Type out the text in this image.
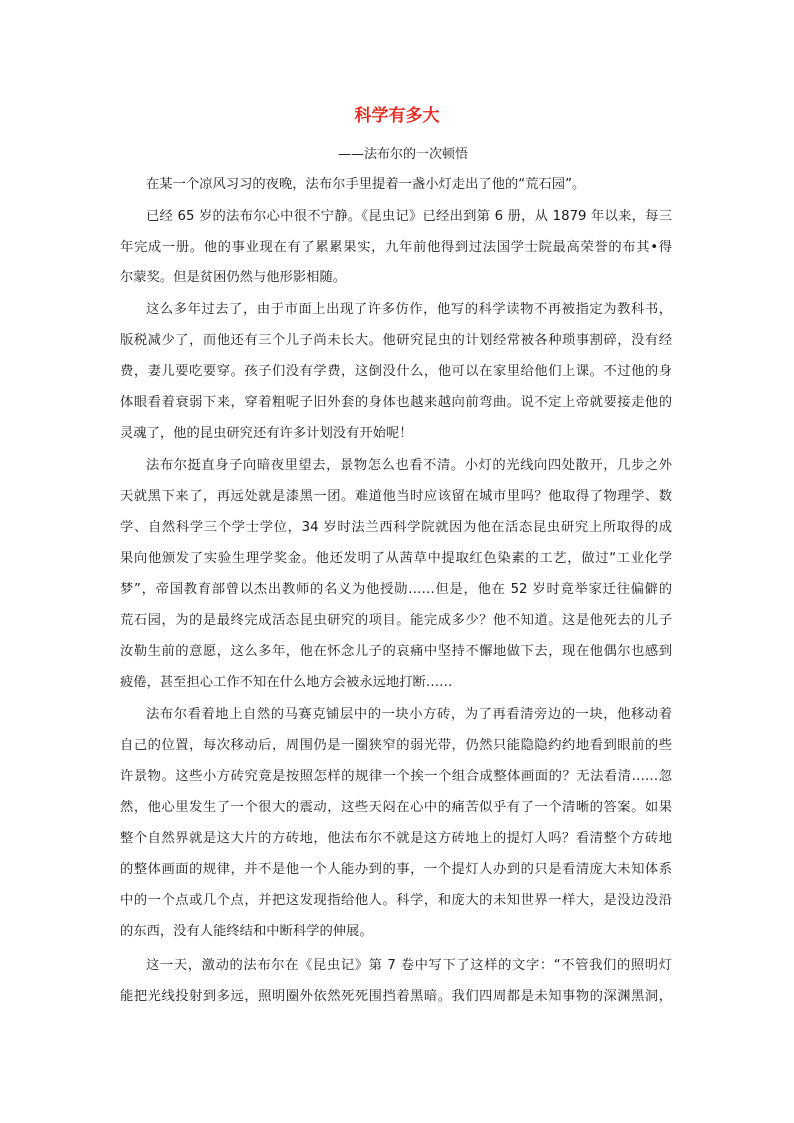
科学有多大
——法布尔的一次顿悟
在某一个凉风习习的夜晚，法布尔手里提着一盏小灯走出了他的“荒石园”。
已经 65 岁的法布尔心中很不宁静。《昆虫记》已经出到第 6 册，从 1879 年以来，每三
年完成一册。他的事业现在有了累累果实，九年前他得到过法国学士院最高荣誉的布其•得
尔蒙奖。但是贫困仍然与他形影相随。
这么多年过去了，由于市面上出现了许多仿作，他写的科学读物不再被指定为教科书，
版税减少了，而他还有三个儿子尚未长大。他研究昆虫的计划经常被各种琐事割碎，没有经
费，妻儿要吃要穿。孩子们没有学费，这倒没什么，他可以在家里给他们上课。不过他的身
体眼看着衰弱下来，穿着粗呢子旧外套的身体也越来越向前弯曲。说不定上帝就要接走他的
灵魂了，他的昆虫研究还有许多计划没有开始呢！
法布尔挺直身子向暗夜里望去，景物怎么也看不清。小灯的光线向四处散开，几步之外
天就黑下来了，再远处就是漆黑一团。难道他当时应该留在城市里吗？他取得了物理学、数
学、自然科学三个学士学位，34 岁时法兰西科学院就因为他在活态昆虫研究上所取得的成
果向他颁发了实验生理学奖金。他还发明了从茜草中提取红色染素的工艺，做过“工业化学
梦”，帝国教育部曾以杰出教师的名义为他授勋……但是，他在 52 岁时竟举家迁往偏僻的
荒石园，为的是最终完成活态昆虫研究的项目。能完成多少？他不知道。这是他死去的儿子
汝勒生前的意愿，这么多年，他在怀念儿子的哀痛中坚持不懈地做下去，现在他偶尔也感到
疲倦，甚至担心工作不知在什么地方会被永远地打断……
法布尔看着地上自然的马赛克铺层中的一块小方砖，为了再看清旁边的一块，他移动着
自己的位置，每次移动后，周围仍是一圈狭窄的弱光带，仍然只能隐隐约约地看到眼前的些
许景物。这些小方砖究竟是按照怎样的规律一个挨一个组合成整体画面的？无法看清……忽
然，他心里发生了一个很大的震动，这些天闷在心中的痛苦似乎有了一个清晰的答案。如果
整个自然界就是这大片的方砖地，他法布尔不就是这方砖地上的提灯人吗？看清整个方砖地
的整体画面的规律，并不是他一个人能办到的事，一个提灯人办到的只是看清庞大未知体系
中的一个点或几个点，并把这发现指给他人。科学，和庞大的未知世界一样大，是没边没沿
的东西，没有人能终结和中断科学的伸展。
这一天，激动的法布尔在《昆虫记》第 7 卷中写下了这样的文字：“不管我们的照明灯
能把光线投射到多远，照明圈外依然死死围挡着黑暗。我们四周都是未知事物的深渊黑洞，
